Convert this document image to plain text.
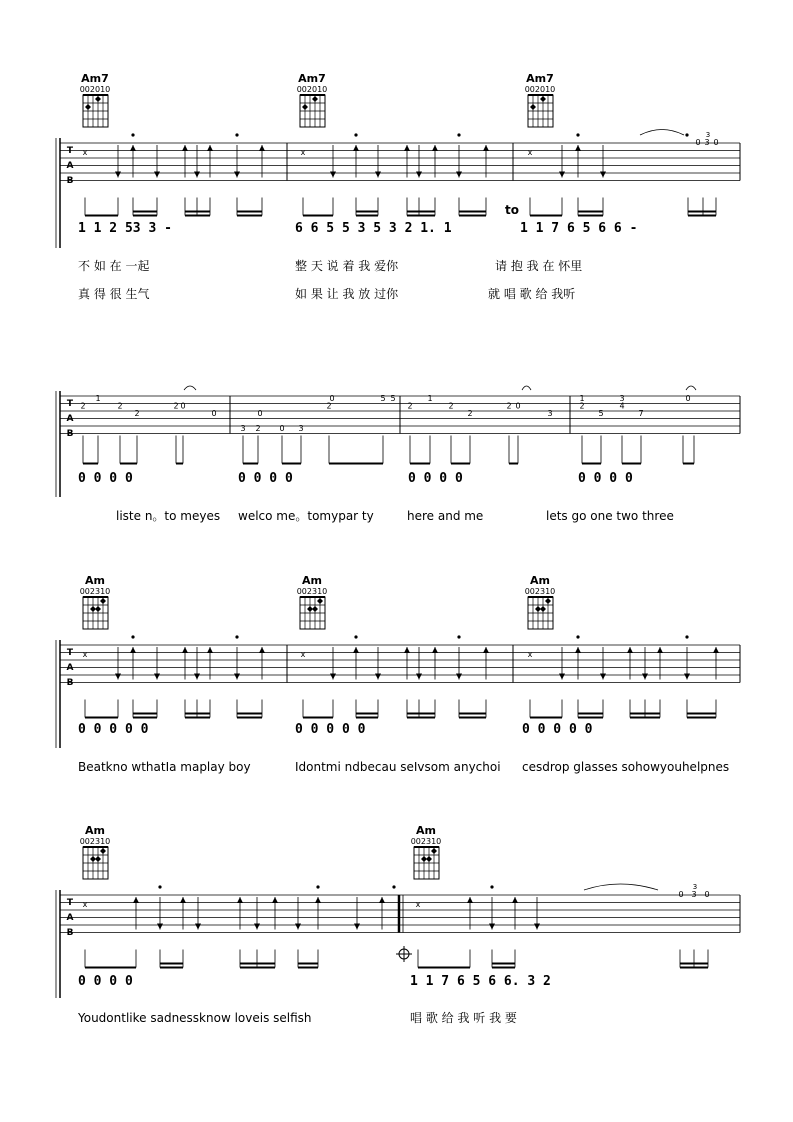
Am7
002010
Am7
002010
Am7
002010
T
A
B
x	x	x
0 3 0
3
1 1 2 53 3 -	6 6 5 5 3 5 3 2 1. 1	1 1 7 6 5 6 6 -
to
不 如 在 一起	整 天 说 着 我 爱你	请 抱 我 在 怀里
真 得 很 生气	如 果 让 我 放 过你	就 唱 歌 给 我听
T
A
B
2
1
2
2
2 0
0
3 2
0
0 3
2
0	5 5
2
1
2
2
2 0
3
1
2
5
3
4
7
0
0 0 0 0	0 0 0 0	0 0 0 0	0 0 0 0
liste n。to meyes welco me。tomypar ty	here and me	lets go one two three
Am
002310
Am
002310
Am
002310
T
A
B
x	x	x
0 0 0 0 0	0 0 0 0 0	0 0 0 0 0
Beatkno wthatIa maplay boy	Idontmi ndbecau seIvsom anychoi cesdrop glasses sohowyouhelpnes
Am
002310
Am
002310
T
A
B
x	x
0 3 0
3
0 0 0 0	1 1 7 6 5 6 6. 3 2
Youdontlike sadnessknow loveis selfish	唱 歌 给 我 听 我 要
